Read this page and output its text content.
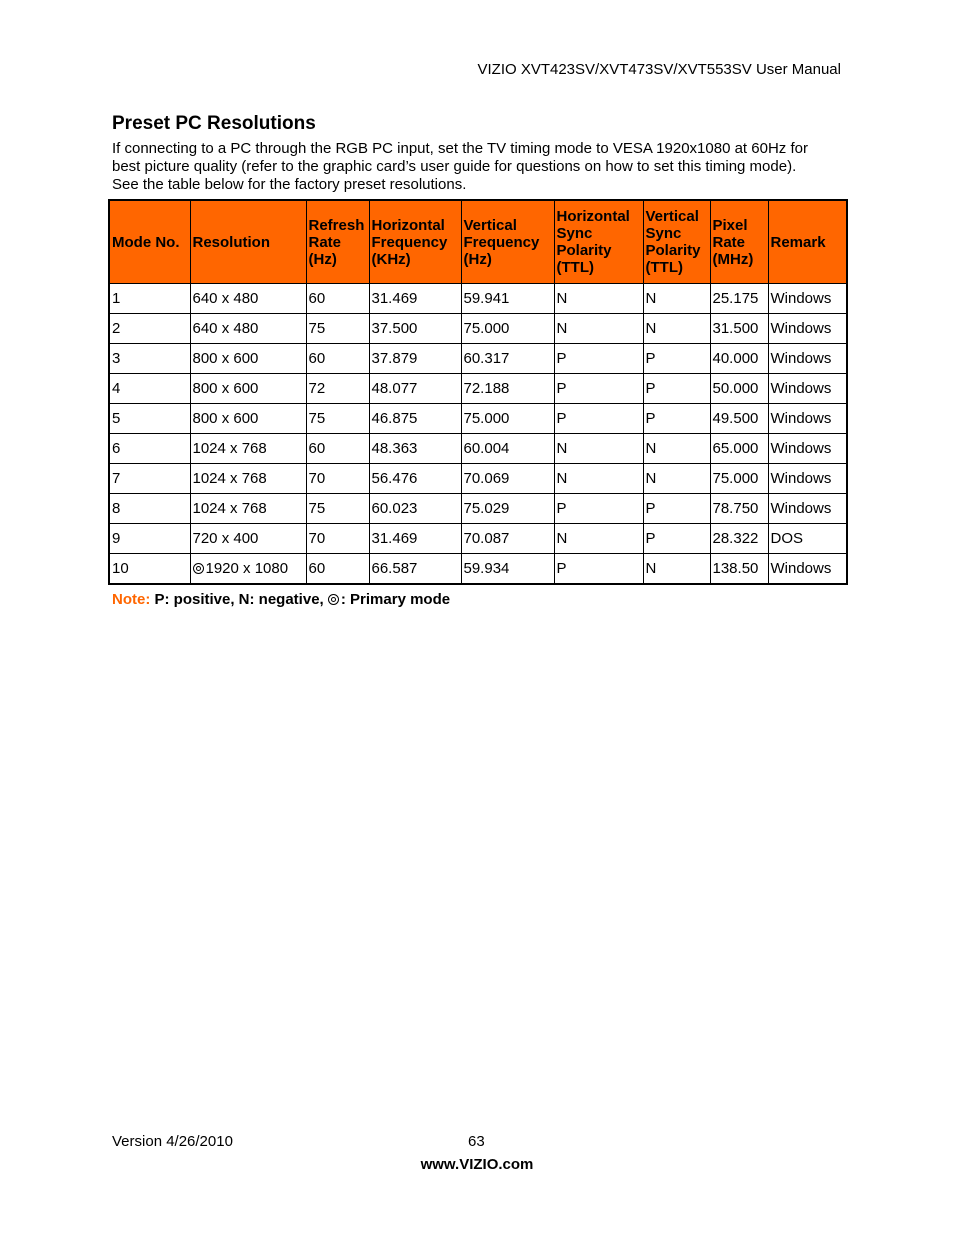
VIZIO XVT423SV/XVT473SV/XVT553SV User Manual
Preset PC Resolutions

If connecting to a PC through the RGB PC input, set the TV timing mode to VESA 1920x1080 at 60Hz for

best picture quality (refer to the graphic card’s user guide for questions on how to set this timing mode).

See the table below for the factory preset resolutions.

Mode No.	Resolution	Refresh
Rate
(Hz)	Horizontal
Frequency
(KHz)	Vertical
Frequency
(Hz)	Horizontal
Sync
Polarity
(TTL)	Vertical
Sync
Polarity
(TTL)	Pixel
Rate
(MHz)	Remark

1	640 x 480	60	31.469	59.941	N	N	25.175	Windows
2	640 x 480	75	37.500	75.000	N	N	31.500	Windows
3	800 x 600	60	37.879	60.317	P	P	40.000	Windows
4	800 x 600	72	48.077	72.188	P	P	50.000	Windows
5	800 x 600	75	46.875	75.000	P	P	49.500	Windows
6	1024 x 768	60	48.363	60.004	N	N	65.000	Windows
7	1024 x 768	70	56.476	70.069	N	N	75.000	Windows
8	1024 x 768	75	60.023	75.029	P	P	78.750	Windows
9	720 x 400	70	31.469	70.087	N	P	28.322	DOS
10	1920 x 1080	60	66.587	59.934	P	N	138.50	Windows
Note: P: positive, N: negative, : Primary mode
Version 4/26/2010	63
www.VIZIO.com
